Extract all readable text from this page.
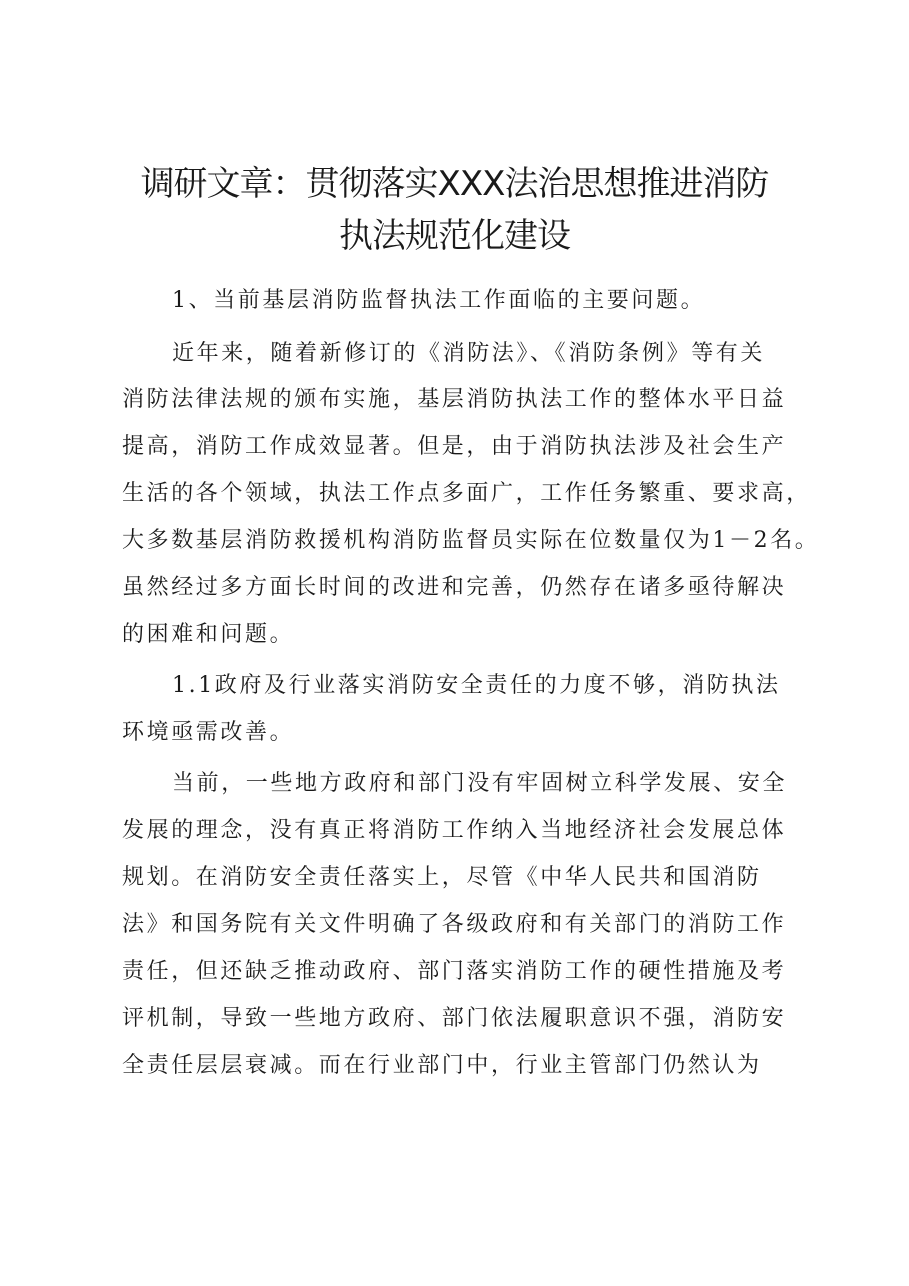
调研文章：贯彻落实XXX法治思想推进消防
执法规范化建设
1、当前基层消防监督执法工作面临的主要问题。
近年来，随着新修订的《消防法》、《消防条例》等有关
消防法律法规的颁布实施，基层消防执法工作的整体水平日益
提高，消防工作成效显著。但是，由于消防执法涉及社会生产
生活的各个领域，执法工作点多面广，工作任务繁重、要求高，
大多数基层消防救援机构消防监督员实际在位数量仅为1－2名。
虽然经过多方面长时间的改进和完善，仍然存在诸多亟待解决
的困难和问题。
1.1政府及行业落实消防安全责任的力度不够，消防执法
环境亟需改善。
当前，一些地方政府和部门没有牢固树立科学发展、安全
发展的理念，没有真正将消防工作纳入当地经济社会发展总体
规划。在消防安全责任落实上，尽管《中华人民共和国消防
法》和国务院有关文件明确了各级政府和有关部门的消防工作
责任，但还缺乏推动政府、部门落实消防工作的硬性措施及考
评机制，导致一些地方政府、部门依法履职意识不强，消防安
全责任层层衰减。而在行业部门中，行业主管部门仍然认为
